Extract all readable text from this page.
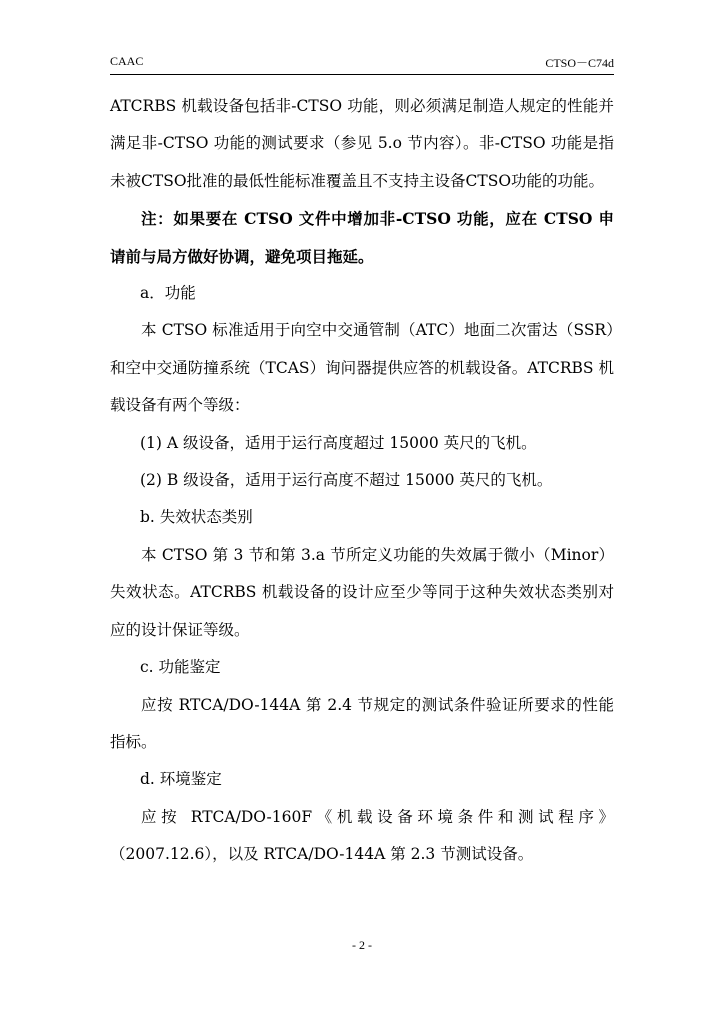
CAAC	CTSO－C74d

ATCRBS 机载设备包括非-CTSO 功能，则必须满足制造人规定的性能并满足非-CTSO 功能的测试要求（参见 5.o 节内容）。非-CTSO 功能是指未被CTSO批准的最低性能标准覆盖且不支持主设备CTSO功能的功能。

注：如果要在 CTSO 文件中增加非-CTSO 功能，应在 CTSO 申请前与局方做好协调，避免项目拖延。

a．功能

本 CTSO 标准适用于向空中交通管制（ATC）地面二次雷达（SSR）和空中交通防撞系统（TCAS）询问器提供应答的机载设备。ATCRBS 机载设备有两个等级：

(1) A 级设备，适用于运行高度超过 15000 英尺的飞机。

(2) B 级设备，适用于运行高度不超过 15000 英尺的飞机。

b. 失效状态类别

本 CTSO 第 3 节和第 3.a 节所定义功能的失效属于微小（Minor）失效状态。ATCRBS 机载设备的设计应至少等同于这种失效状态类别对应的设计保证等级。

c. 功能鉴定

应按 RTCA/DO-144A 第 2.4 节规定的测试条件验证所要求的性能指标。

d. 环境鉴定

应按 RTCA/DO-160F《机载设备环境条件和测试程序》（2007.12.6），以及 RTCA/DO-144A 第 2.3 节测试设备。

- 2 -
